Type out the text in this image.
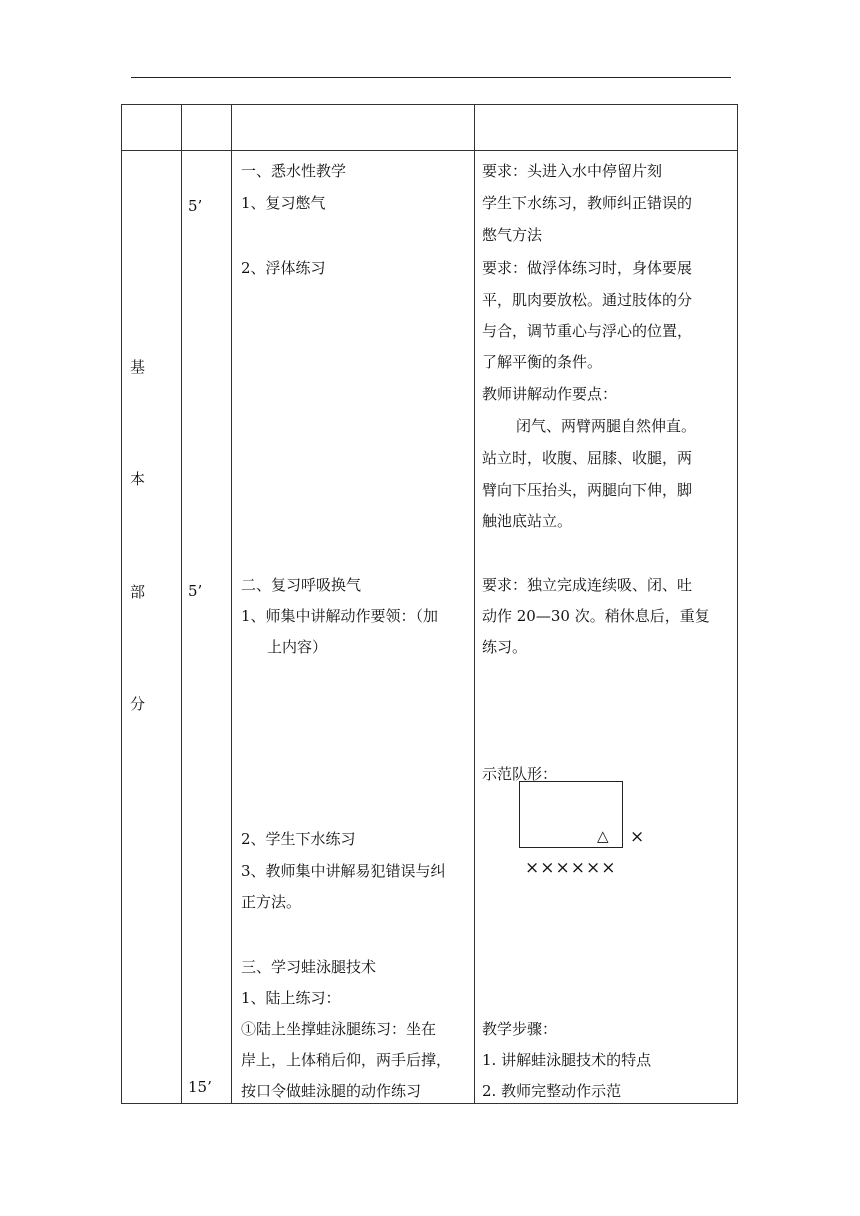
基
本
部
分
5’
5’
15’
一、悉水性教学
1、复习憋气
2、浮体练习
二、复习呼吸换气
1、师集中讲解动作要领：（加
上内容）
2、学生下水练习
3、教师集中讲解易犯错误与纠
正方法。
三、学习蛙泳腿技术
1、陆上练习：
①陆上坐撑蛙泳腿练习：坐在
岸上，上体稍后仰，两手后撑，
按口令做蛙泳腿的动作练习
要求：头进入水中停留片刻
学生下水练习，教师纠正错误的
憋气方法
要求：做浮体练习时，身体要展
平，肌肉要放松。通过肢体的分
与合，调节重心与浮心的位置，
了解平衡的条件。
教师讲解动作要点：
闭气、两臂两腿自然伸直。
站立时，收腹、屈膝、收腿，两
臂向下压抬头，两腿向下伸，脚
触池底站立。
要求：独立完成连续吸、闭、吐
动作 20—30 次。稍休息后，重复
练习。
示范队形：
教学步骤：
1. 讲解蛙泳腿技术的特点
2. 教师完整动作示范
△ ×
××××××
